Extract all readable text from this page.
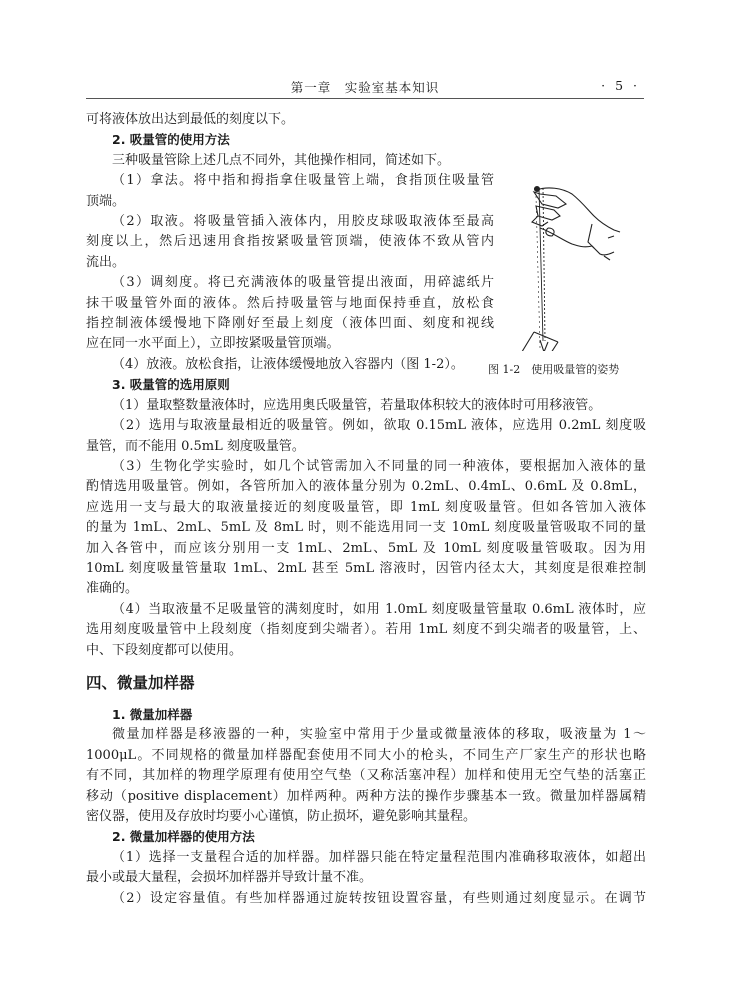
第一章　实验室基本知识	· 5 ·
图 1-2　使用吸量管的姿势
可将液体放出达到最低的刻度以下。
2. 吸量管的使用方法
三种吸量管除上述几点不同外，其他操作相同，简述如下。
（1）拿法。将中指和拇指拿住吸量管上端，食指顶住吸量管
顶端。
（2）取液。将吸量管插入液体内，用胶皮球吸取液体至最高
刻度以上，然后迅速用食指按紧吸量管顶端，使液体不致从管内
流出。
（3）调刻度。将已充满液体的吸量管提出液面，用碎滤纸片
抹干吸量管外面的液体。然后持吸量管与地面保持垂直，放松食
指控制液体缓慢地下降刚好至最上刻度（液体凹面、刻度和视线
应在同一水平面上），立即按紧吸量管顶端。
（4）放液。放松食指，让液体缓慢地放入容器内（图 1-2）。
3. 吸量管的选用原则
（1）量取整数量液体时，应选用奥氏吸量管，若量取体积较大的液体时可用移液管。
（2）选用与取液量最相近的吸量管。例如，欲取 0.15mL 液体，应选用 0.2mL 刻度吸
量管，而不能用 0.5mL 刻度吸量管。
（3）生物化学实验时，如几个试管需加入不同量的同一种液体，要根据加入液体的量
酌情选用吸量管。例如，各管所加入的液体量分别为 0.2mL、0.4mL、0.6mL 及 0.8mL，
应选用一支与最大的取液量接近的刻度吸量管，即 1mL 刻度吸量管。但如各管加入液体
的量为 1mL、2mL、5mL 及 8mL 时，则不能选用同一支 10mL 刻度吸量管吸取不同的量
加入各管中，而应该分别用一支 1mL、2mL、5mL 及 10mL 刻度吸量管吸取。因为用
10mL 刻度吸量管量取 1mL、2mL 甚至 5mL 溶液时，因管内径太大，其刻度是很难控制
准确的。
（4）当取液量不足吸量管的满刻度时，如用 1.0mL 刻度吸量管量取 0.6mL 液体时，应
选用刻度吸量管中上段刻度（指刻度到尖端者）。若用 1mL 刻度不到尖端者的吸量管，上、
中、下段刻度都可以使用。
四、微量加样器
1. 微量加样器
微量加样器是移液器的一种，实验室中常用于少量或微量液体的移取，吸液量为 1～
1000μL。不同规格的微量加样器配套使用不同大小的枪头，不同生产厂家生产的形状也略
有不同，其加样的物理学原理有使用空气垫（又称活塞冲程）加样和使用无空气垫的活塞正
移动（positive displacement）加样两种。两种方法的操作步骤基本一致。微量加样器属精
密仪器，使用及存放时均要小心谨慎，防止损坏，避免影响其量程。
2. 微量加样器的使用方法
（1）选择一支量程合适的加样器。加样器只能在特定量程范围内准确移取液体，如超出
最小或最大量程，会损坏加样器并导致计量不准。
（2）设定容量值。有些加样器通过旋转按钮设置容量，有些则通过刻度显示。在调节
